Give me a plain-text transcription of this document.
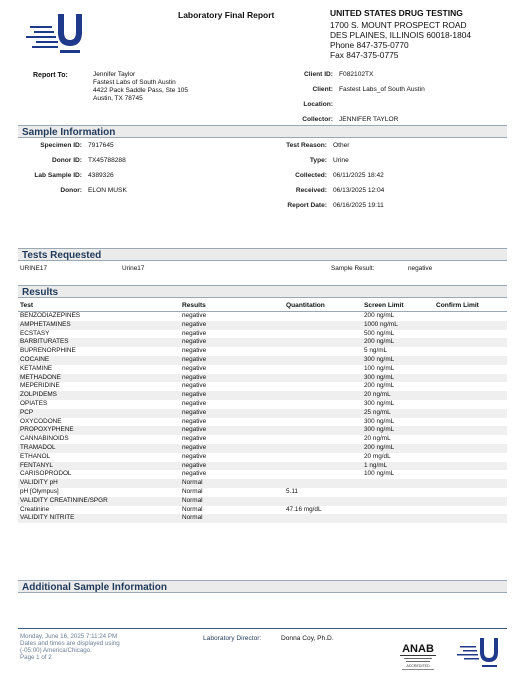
Laboratory Final Report	UNITED STATES DRUG TESTING
1700 S. MOUNT PROSPECT ROAD
DES PLAINES, ILLINOIS 60018-1804
Phone 847-375-0770
Fax 847-375-0775
Report To:	Jennifer Taylor
Fastest Labs of South Austin
4422 Pack Saddle Pass, Ste 105
Austin, TX 78745
Client ID: F082102TX
Client: Fastest Labs_of South Austin
Location:
Collector: JENNIFER TAYLOR
Sample Information
Specimen ID: 7917645
Donor ID: TX45788288
Lab Sample ID: 4389326
Donor: ELON MUSK
Test Reason: Other
Type: Urine
Collected: 06/11/2025 18:42
Received: 06/13/2025 12:04
Report Date: 06/16/2025 19:11
Tests Requested
URINE17	Urine17	Sample Result:	negative
Results
Test	Results	Quantitation	Screen Limit	Confirm Limit
BENZODIAZEPINES	negative		200 ng/mL	
AMPHETAMINES	negative		1000 ng/mL	
ECSTASY	negative		500 ng/mL	
BARBITURATES	negative		200 ng/mL	
BUPRENORPHINE	negative		5 ng/mL	
COCAINE	negative		300 ng/mL	
KETAMINE	negative		100 ng/mL	
METHADONE	negative		300 ng/mL	
MEPERIDINE	negative		200 ng/mL	
ZOLPIDEMS	negative		20 ng/mL	
OPIATES	negative		300 ng/mL	
PCP	negative		25 ng/mL	
OXYCODONE	negative		300 ng/mL	
PROPOXYPHENE	negative		300 ng/mL	
CANNABINOIDS	negative		20 ng/mL	
TRAMADOL	negative		200 ng/mL	
ETHANOL	negative		20 mg/dL	
FENTANYL	negative		1 ng/mL	
CARISOPRODOL	negative		100 ng/mL	
VALIDITY pH	Normal			
pH [Olympus]	Normal	5.11		
VALIDITY CREATININE/SPGR	Normal			
Creatinine	Normal	47.16 mg/dL		
VALIDITY NITRITE	Normal			
Additional Sample Information
Monday, June 16, 2025 7:11:24 PM
Dates and times are displayed using
(-05:00) America/Chicago.
Page 1 of 2
Laboratory Director:	Donna Coy, Ph.D.
ANAB
ACCREDITED
